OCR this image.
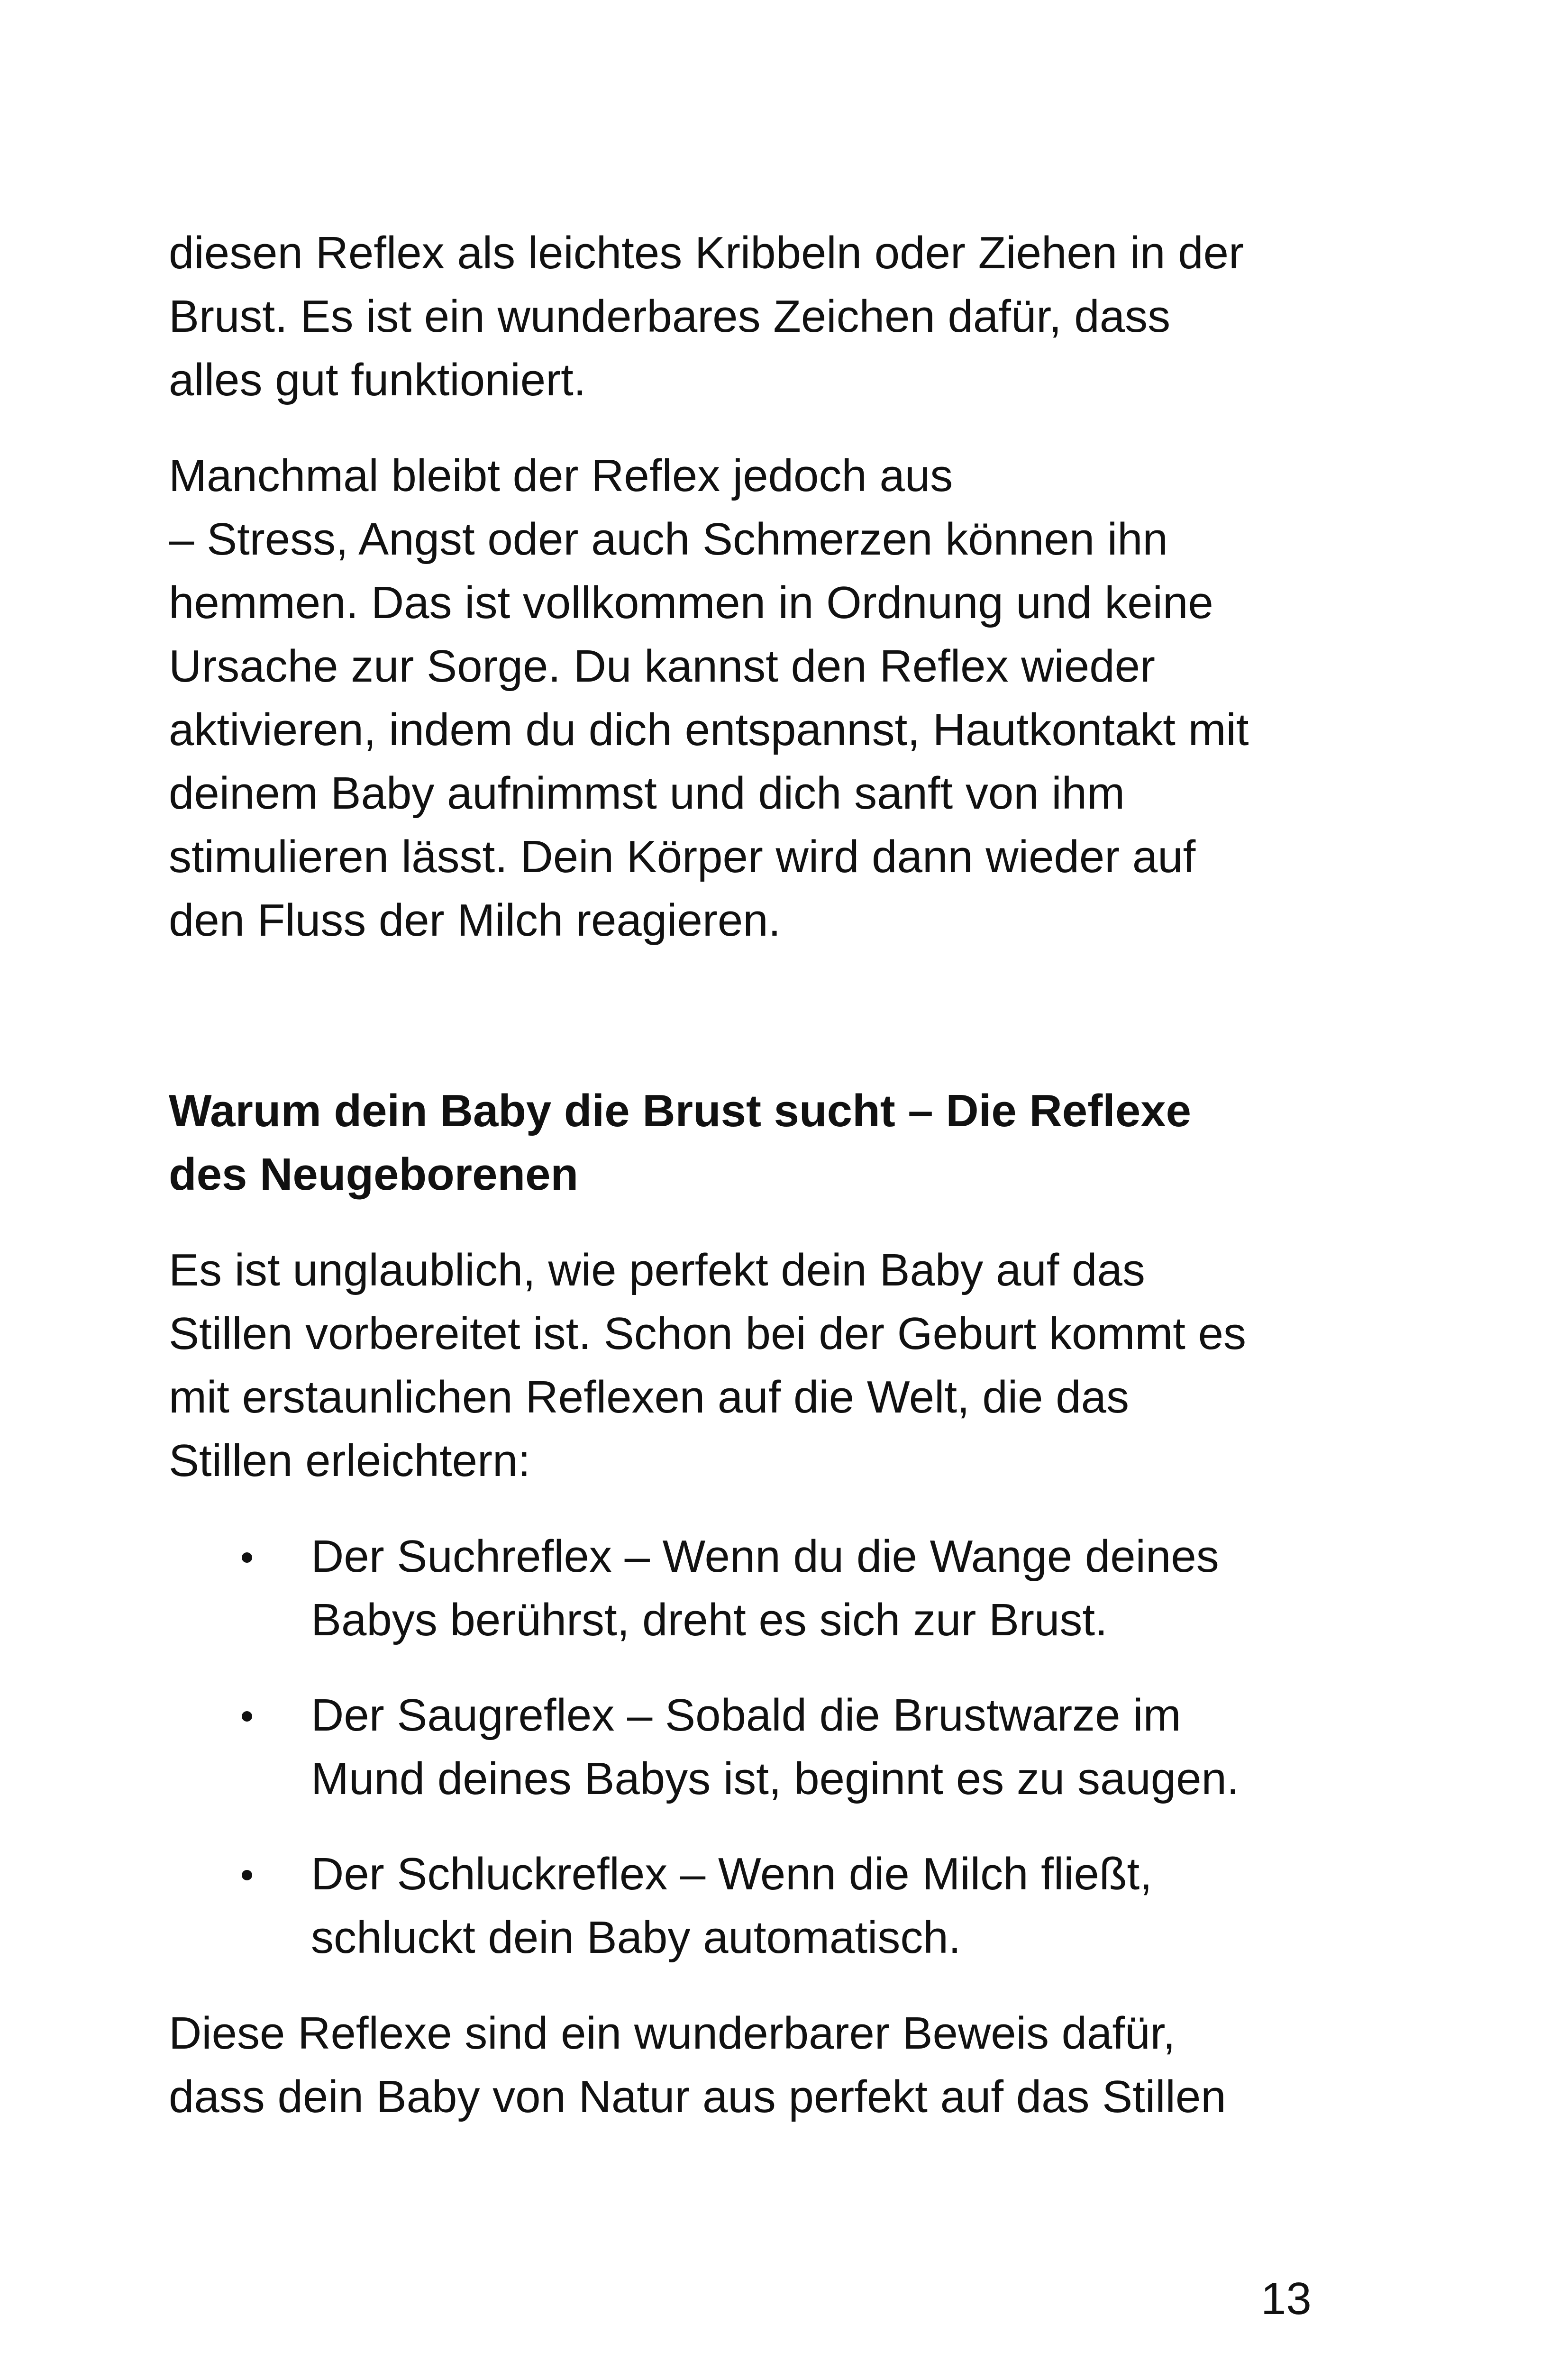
diesen Reflex als leichtes Kribbeln oder Ziehen in der
Brust. Es ist ein wunderbares Zeichen dafür, dass
alles gut funktioniert.
Manchmal bleibt der Reflex jedoch aus
– Stress, Angst oder auch Schmerzen können ihn
hemmen. Das ist vollkommen in Ordnung und keine
Ursache zur Sorge. Du kannst den Reflex wieder
aktivieren, indem du dich entspannst, Hautkontakt mit
deinem Baby aufnimmst und dich sanft von ihm
stimulieren lässt. Dein Körper wird dann wieder auf
den Fluss der Milch reagieren.
Warum dein Baby die Brust sucht – Die Reflexe
des Neugeborenen
Es ist unglaublich, wie perfekt dein Baby auf das
Stillen vorbereitet ist. Schon bei der Geburt kommt es
mit erstaunlichen Reflexen auf die Welt, die das
Stillen erleichtern:
Der Suchreflex – Wenn du die Wange deines
Babys berührst, dreht es sich zur Brust.
Der Saugreflex – Sobald die Brustwarze im
Mund deines Babys ist, beginnt es zu saugen.
Der Schluckreflex – Wenn die Milch fließt,
schluckt dein Baby automatisch.
Diese Reflexe sind ein wunderbarer Beweis dafür,
dass dein Baby von Natur aus perfekt auf das Stillen
13
